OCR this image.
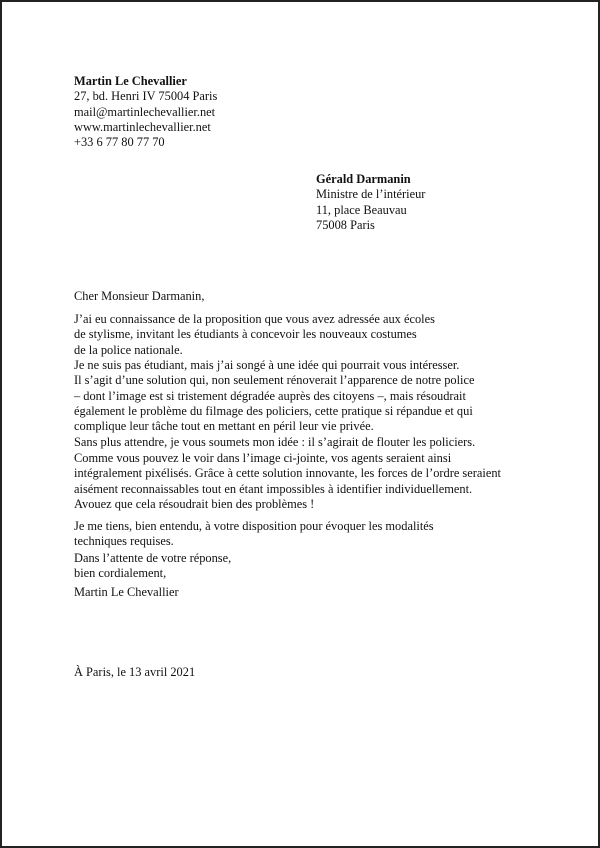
Martin Le Chevallier
27, bd. Henri IV 75004 Paris
mail@martinlechevallier.net
www.martinlechevallier.net
+33 6 77 80 77 70
Gérald Darmanin
Ministre de l’intérieur
11, place Beauvau
75008 Paris
Cher Monsieur Darmanin,
J’ai eu connaissance de la proposition que vous avez adressée aux écoles
de stylisme, invitant les étudiants à concevoir les nouveaux costumes
de la police nationale.
Je ne suis pas étudiant, mais j’ai songé à une idée qui pourrait vous intéresser.
Il s’agit d’une solution qui, non seulement rénoverait l’apparence de notre police
– dont l’image est si tristement dégradée auprès des citoyens –, mais résoudrait
également le problème du filmage des policiers, cette pratique si répandue et qui
complique leur tâche tout en mettant en péril leur vie privée.
Sans plus attendre, je vous soumets mon idée : il s’agirait de flouter les policiers.
Comme vous pouvez le voir dans l’image ci-jointe, vos agents seraient ainsi
intégralement pixélisés. Grâce à cette solution innovante, les forces de l’ordre seraient
aisément reconnaissables tout en étant impossibles à identifier individuellement.
Avouez que cela résoudrait bien des problèmes !
Je me tiens, bien entendu, à votre disposition pour évoquer les modalités
techniques requises.
Dans l’attente de votre réponse,
bien cordialement,
Martin Le Chevallier
À Paris, le 13 avril 2021
